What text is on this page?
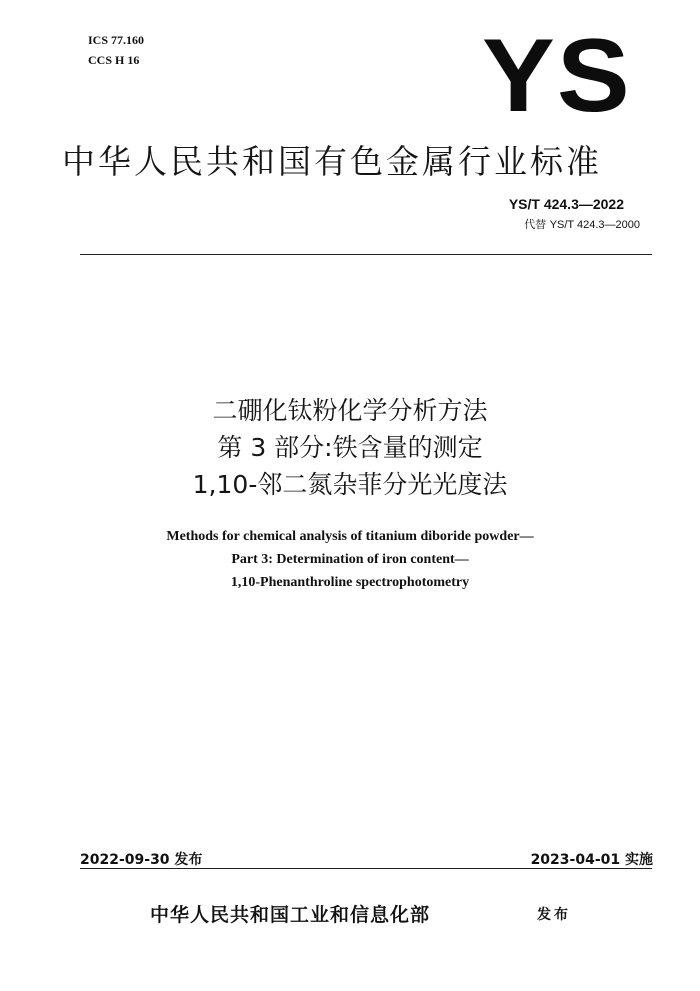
ICS 77.160
CCS H 16	YS
中华人民共和国有色金属行业标准
YS/T 424.3—2022
代替 YS/T 424.3—2000
二硼化钛粉化学分析方法
第 3 部分:铁含量的测定
1,10-邻二氮杂菲分光光度法
Methods for chemical analysis of titanium diboride powder—
Part 3: Determination of iron content—
1,10-Phenanthroline spectrophotometry
2022-09-30 发布	2023-04-01 实施
中华人民共和国工业和信息化部	发布
